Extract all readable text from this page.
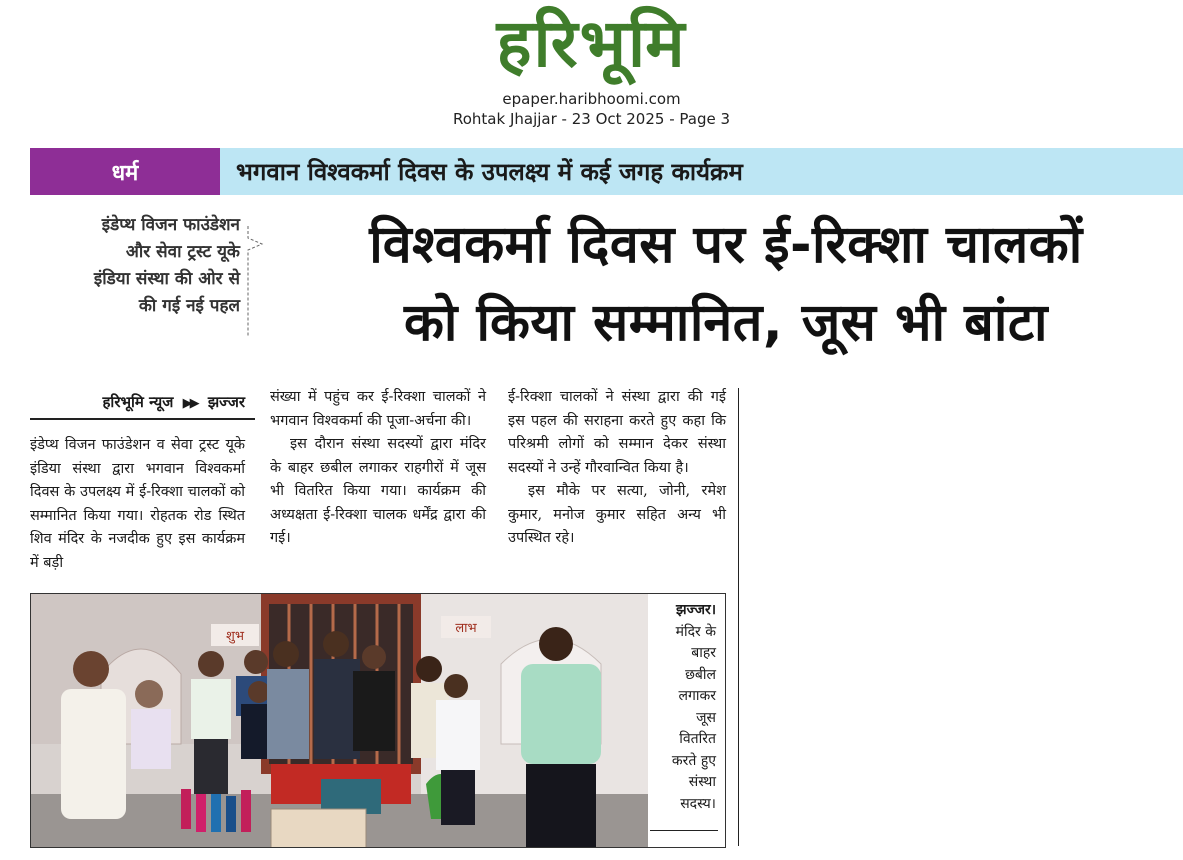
हरिभूमि
epaper.haribhoomi.com
Rohtak Jhajjar - 23 Oct 2025 - Page 3
धर्म	भगवान विश्वकर्मा दिवस के उपलक्ष्य में कई जगह कार्यक्रम
इंडेप्थ विजन फाउंडेशन
और सेवा ट्रस्ट यूके
इंडिया संस्था की ओर से
की गई नई पहल
विश्वकर्मा दिवस पर ई-रिक्शा चालकों
को किया सम्मानित, जूस भी बांटा
हरिभूमि न्यूज ▶▶ झज्जर

इंडेप्थ विजन फाउंडेशन व सेवा ट्रस्ट यूके इंडिया संस्था द्वारा भगवान विश्वकर्मा दिवस के उपलक्ष्य में ई-रिक्शा चालकों को सम्मानित किया गया। रोहतक रोड स्थित शिव मंदिर के नजदीक हुए इस कार्यक्रम में बड़ी

संख्या में पहुंच कर ई-रिक्शा चालकों ने भगवान विश्वकर्मा की पूजा-अर्चना की।

इस दौरान संस्था सदस्यों द्वारा मंदिर के बाहर छबील लगाकर राहगीरों में जूस भी वितरित किया गया। कार्यक्रम की अध्यक्षता ई-रिक्शा चालक धर्मेंद्र द्वारा की गई।

ई-रिक्शा चालकों ने संस्था द्वारा की गई इस पहल की सराहना करते हुए कहा कि परिश्रमी लोगों को सम्मान देकर संस्था सदस्यों ने उन्हें गौरवान्वित किया है।

इस मौके पर सत्या, जोनी, रमेश कुमार, मनोज कुमार सहित अन्य भी उपस्थित रहे।

शुभ
लाभ
झज्जर।
मंदिर के
बाहर
छबील
लगाकर
जूस
वितरित
करते हुए
संस्था
सदस्य।
